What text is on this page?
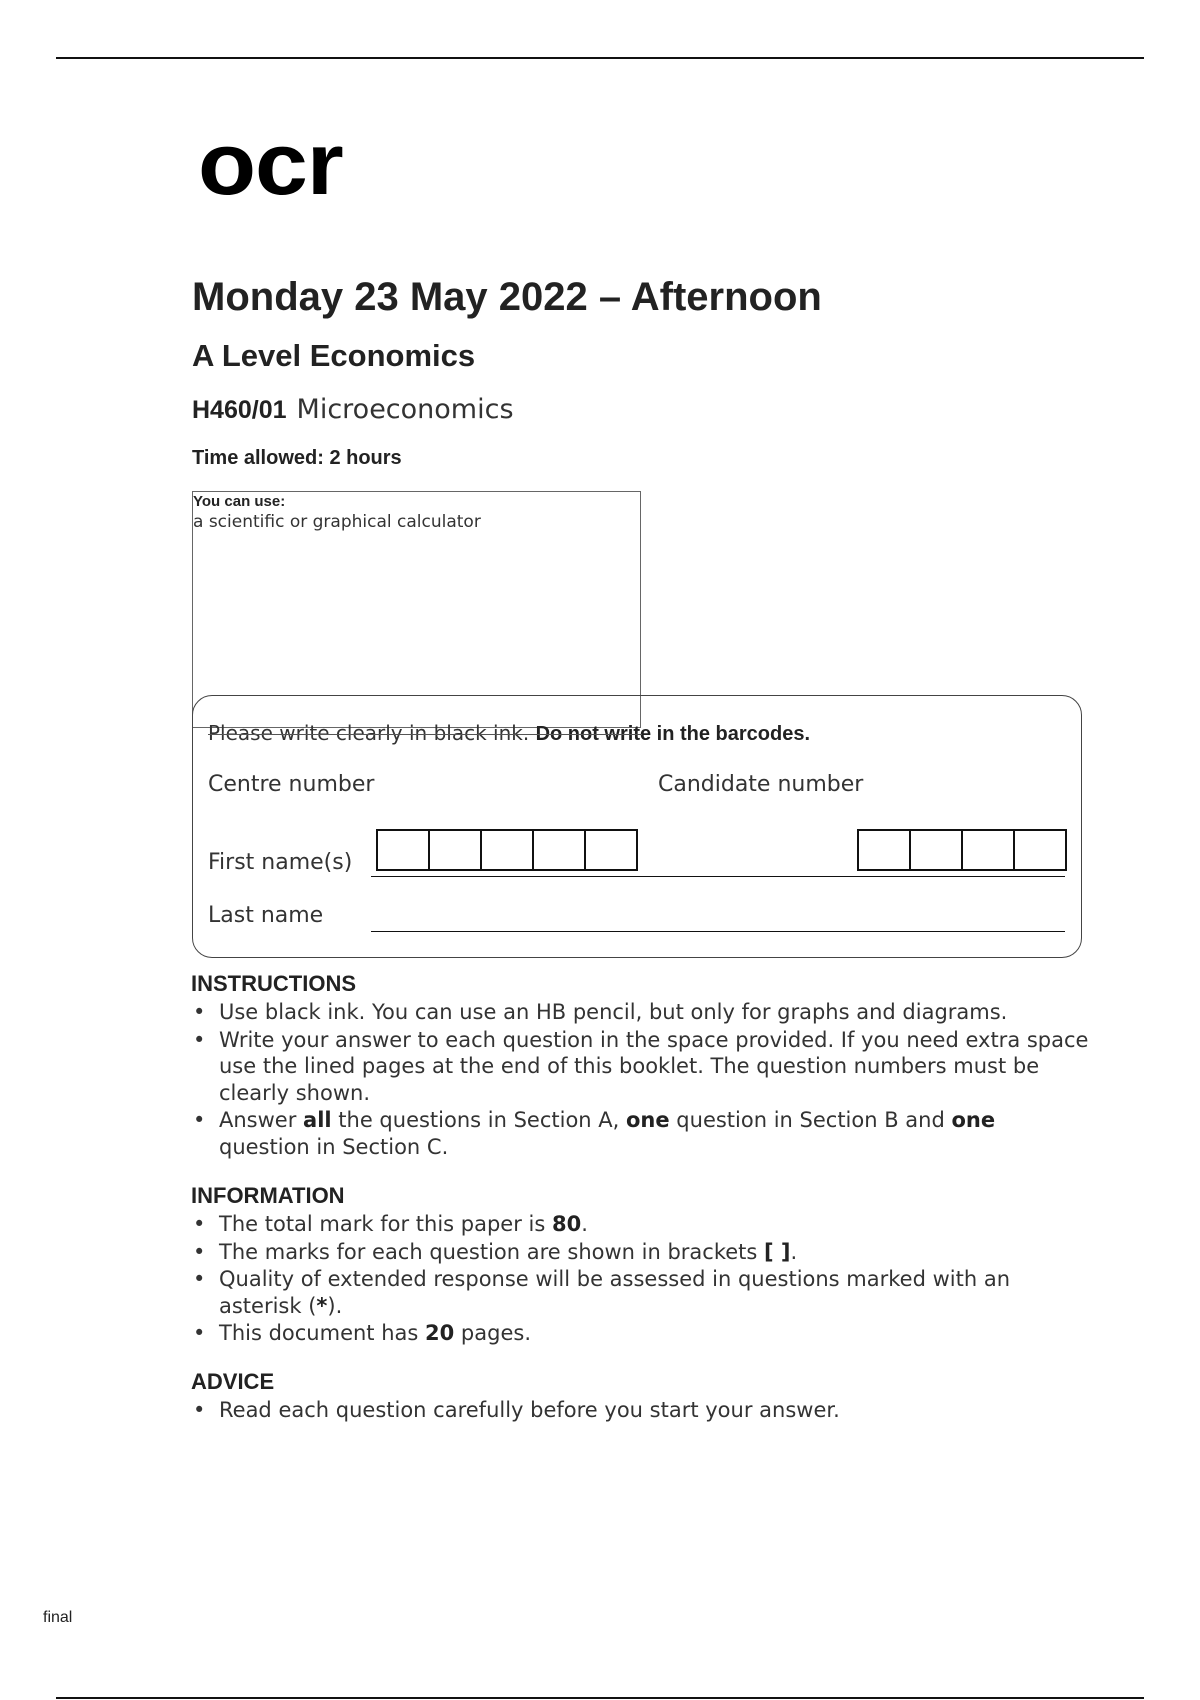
ocr
Monday 23 May 2022 – Afternoon
A Level Economics
H460/01 Microeconomics
Time allowed: 2 hours
You can use:
a scientific or graphical calculator
Please write clearly in black ink. Do not write in the barcodes.
Centre number	Candidate number
First name(s)
Last name
INSTRUCTIONS
• Use black ink. You can use an HB pencil, but only for graphs and diagrams.
• Write your answer to each question in the space provided. If you need extra space use the lined pages at the end of this booklet. The question numbers must be clearly shown.
• Answer all the questions in Section A, one question in Section B and one question in Section C.
INFORMATION
• The total mark for this paper is 80.
• The marks for each question are shown in brackets [ ].
• Quality of extended response will be assessed in questions marked with an asterisk (*).
• This document has 20 pages.
ADVICE
• Read each question carefully before you start your answer.
final
